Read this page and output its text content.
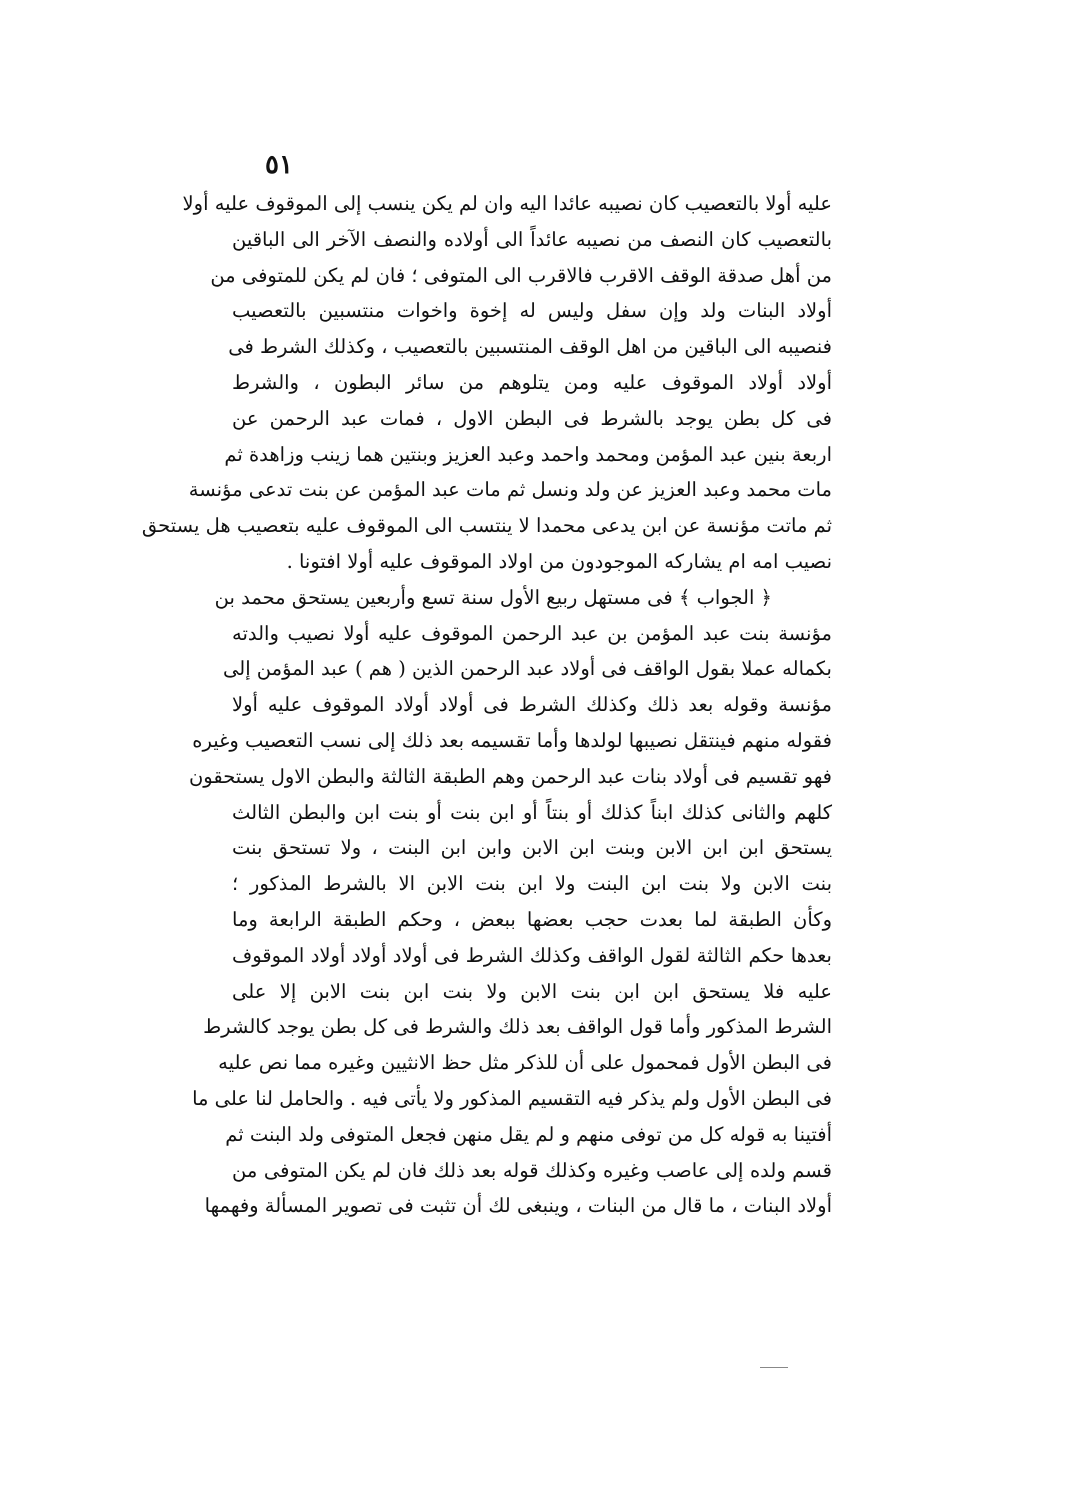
٥١
عليه أولا بالتعصيب كان نصيبه عائدا اليه وان لم يكن ينسب إلى الموقوف عليه أولا
بالتعصيب كان النصف من نصيبه عائداً الى أولاده والنصف الآخر الى الباقين
من أهل صدقة الوقف الاقرب فالاقرب الى المتوفى ؛ فان لم يكن للمتوفى من
أولاد البنات ولد وإن سفل وليس له إخوة واخوات منتسبين بالتعصيب
فنصيبه الى الباقين من اهل الوقف المنتسبين بالتعصيب ، وكذلك الشرط فى
أولاد أولاد الموقوف عليه ومن يتلوهم من سائر البطون ، والشرط
فى كل بطن يوجد بالشرط فى البطن الاول ، فمات عبد الرحمن عن
اربعة بنين عبد المؤمن ومحمد واحمد وعبد العزيز وبنتين هما زينب وزاهدة ثم
مات محمد وعبد العزيز عن ولد ونسل ثم مات عبد المؤمن عن بنت تدعى مؤنسة
ثم ماتت مؤنسة عن ابن يدعى محمدا لا ينتسب الى الموقوف عليه بتعصيب هل يستحق
نصيب امه ام يشاركه الموجودون من اولاد الموقوف عليه أولا افتونا .
﴿ الجواب ﴾ فى مستهل ربيع الأول سنة تسع وأربعين يستحق محمد بن
مؤنسة بنت عبد المؤمن بن عبد الرحمن الموقوف عليه أولا نصيب والدته
بكماله عملا بقول الواقف فى أولاد عبد الرحمن الذين ( هم ) عبد المؤمن إلى
مؤنسة وقوله بعد ذلك وكذلك الشرط فى أولاد أولاد الموقوف عليه أولا
فقوله منهم فينتقل نصيبها لولدها وأما تقسيمه بعد ذلك إلى نسب التعصيب وغيره
فهو تقسيم فى أولاد بنات عبد الرحمن وهم الطبقة الثالثة والبطن الاول يستحقون
كلهم والثانى كذلك ابناً كذلك أو بنتاً أو ابن بنت أو بنت ابن والبطن الثالث
يستحق ابن ابن الابن وبنت ابن الابن وابن ابن البنت ، ولا تستحق بنت
بنت الابن ولا بنت ابن البنت ولا ابن بنت الابن الا بالشرط المذكور ؛
وكأن الطبقة لما بعدت حجب بعضها ببعض ، وحكم الطبقة الرابعة وما
بعدها حكم الثالثة لقول الواقف وكذلك الشرط فى أولاد أولاد أولاد الموقوف
عليه فلا يستحق ابن ابن بنت الابن ولا بنت ابن بنت الابن إلا على
الشرط المذكور وأما قول الواقف بعد ذلك والشرط فى كل بطن يوجد كالشرط
فى البطن الأول فمحمول على أن للذكر مثل حظ الانثيين وغيره مما نص عليه
فى البطن الأول ولم يذكر فيه التقسيم المذكور ولا يأتى فيه . والحامل لنا على ما
أفتينا به قوله كل من توفى منهم و لم يقل منهن فجعل المتوفى ولد البنت ثم
قسم ولده إلى عاصب وغيره وكذلك قوله بعد ذلك فان لم يكن المتوفى من
أولاد البنات ، ما قال من البنات ، وينبغى لك أن تثبت فى تصوير المسألة وفهمها
